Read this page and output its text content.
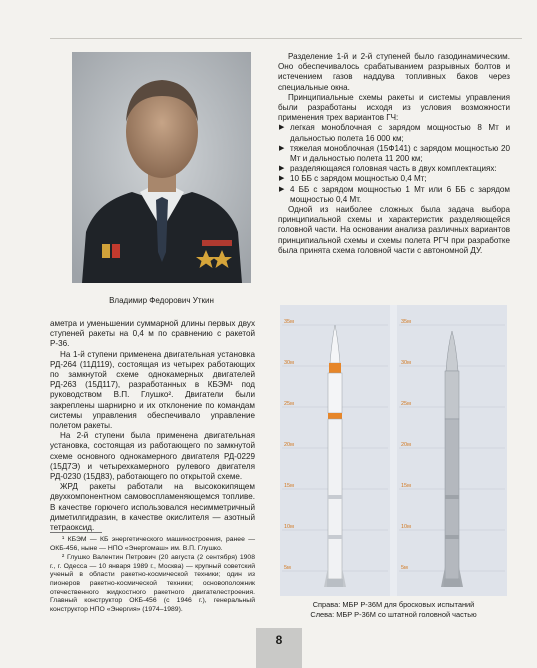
Владимир Федорович Уткин

Разделение 1-й и 2-й ступеней было газодинамическим. Оно обеспечивалось срабатыванием разрывных болтов и истечением газов наддува топливных баков через специальные окна.

Принципиальные схемы ракеты и системы управления были разработаны исходя из условия возможности применения трех вариантов ГЧ:

▶ легкая моноблочная с зарядом мощностью 8 Мт и дальностью полета 16 000 км;
▶ тяжелая моноблочная (15Ф141) с зарядом мощностью 20 Мт и дальностью полета 11 200 км;
▶ разделяющаяся головная часть в двух комплектациях:
▶ 10 ББ с зарядом мощностью 0,4 Мт;
▶ 4 ББ с зарядом мощностью 1 Мт или 6 ББ с зарядом мощностью 0,4 Мт.

Одной из наиболее сложных была задача выбора принципиальной схемы и характеристик разделяющейся головной части. На основании анализа различных вариантов принципиальной схемы и схемы полета РГЧ при разработке была принята схема головной части с автономной ДУ.

аметра и уменьшении суммарной длины первых двух ступеней ракеты на 0,4 м по сравнению с ракетой Р-36.

На 1-й ступени применена двигательная установка РД-264 (11Д119), состоящая из четырех работающих по замкнутой схеме однокамерных двигателей РД-263 (15Д117), разработанных в КБЭМ¹ под руководством В.П. Глушко². Двигатели были закреплены шарнирно и их отклонение по командам системы управления обеспечивало управление полетом ракеты.

На 2-й ступени была применена двигательная установка, состоящая из работающего по замкнутой схеме основного однокамерного двигателя РД-0229 (15Д7Э) и четырехкамерного рулевого двигателя РД-0230 (15Д83), работающего по открытой схеме.

ЖРД ракеты работали на высококипящем двухкомпонентном самовоспламеняющемся топливе. В качестве горючего использовался несимметричный диметилгидразин, в качестве окислителя — азотный тетраоксид.

¹ КБЭМ — КБ энергетического машиностроения, ранее — ОКБ-456, ныне — НПО «Энергомаш» им. В.П. Глушко.

² Глушко Валентин Петрович (20 августа (2 сентября) 1908 г., г. Одесса — 10 января 1989 г., Москва) — крупный советский ученый в области ракетно-космической техники; один из пионеров ракетно-космической техники; основоположник отечественного жидкостного ракетного двигателестроения. Главный конструктор ОКБ-456 (с 1946 г.), генеральный конструктор НПО «Энергия» (1974–1989).

35м
30м
25м
20м
15м
10м
5м
35м
30м
25м
20м
15м
10м
5м
Справа: МБР Р-36М для бросковых испытаний
Слева: МБР Р-36М со штатной головной частью
8
